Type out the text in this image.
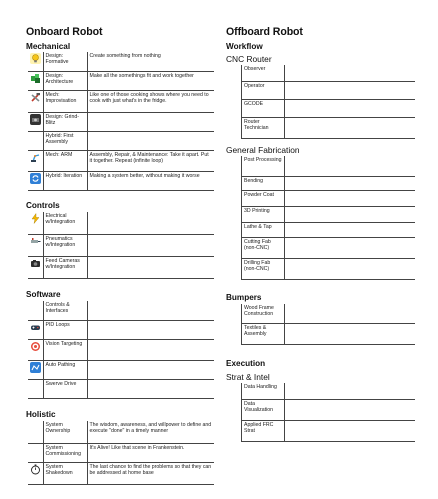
Onboard Robot
Mechanical
	Design: Formative	Create something from nothing

	Design: Architecture	Make all the somethings fit and work together

	Mech: Improvisation	Like one of those cooking shows where you need to cook with just what's in the fridge.

	Design: Grind-Blitz	
	Hybrid: First Assembly	

	Mech: ARM	Assembly, Repair, & Maintenance: Take it apart. Put it together. Repeat (infinite loop)

	Hybrid: Iteration	Making a system better, without making it worse
Controls
	Electrical w/Integration	

	Pneumatics w/Integration	

	Feed Cameras w/Integration	
Software
	Controls & Interfaces	

	PID Loops	

	Vision Targeting	

	Auto Pathing	
	Swerve Drive	
Holistic
	System Ownership	The wisdom, awareness, and willpower to define and execute "done" in a timely manner
	System Commissioning	It's Alive! Like that scene in Frankenstein.

	System Shakedown	The last chance to find the problems so that they can be addressed at home base
Offboard Robot
Workflow
CNC Router
Observer	
Operator	
GCODE	
Router Technician	
General Fabrication
Post Processing	
Bending	
Powder Coat	
3D Printing	
Lathe & Tap	
Cutting Fab (non-CNC)	
Drilling Fab (non-CNC)	
Bumpers
Wood Frame Construction	
Textiles & Assembly	
Execution
Strat & Intel
Data Handling	
Data Visualization	
Applied FRC Strat	
